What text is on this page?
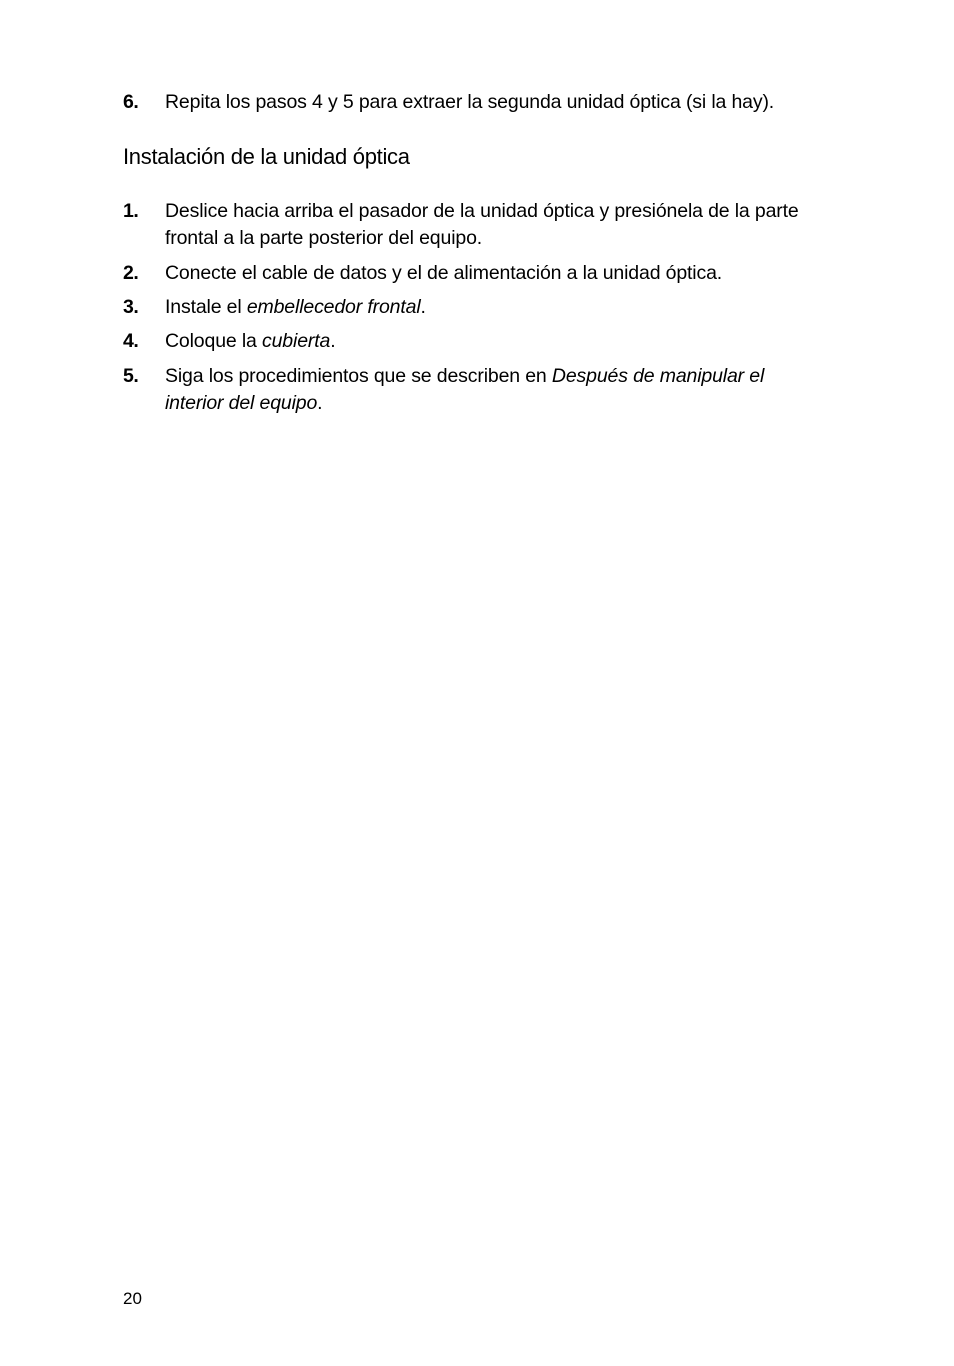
6. Repita los pasos 4 y 5 para extraer la segunda unidad óptica (si la hay).
Instalación de la unidad óptica
1. Deslice hacia arriba el pasador de la unidad óptica y presiónela de la parte
frontal a la parte posterior del equipo.
2. Conecte el cable de datos y el de alimentación a la unidad óptica.
3. Instale el embellecedor frontal.
4. Coloque la cubierta.
5. Siga los procedimientos que se describen en Después de manipular el
interior del equipo.
20
